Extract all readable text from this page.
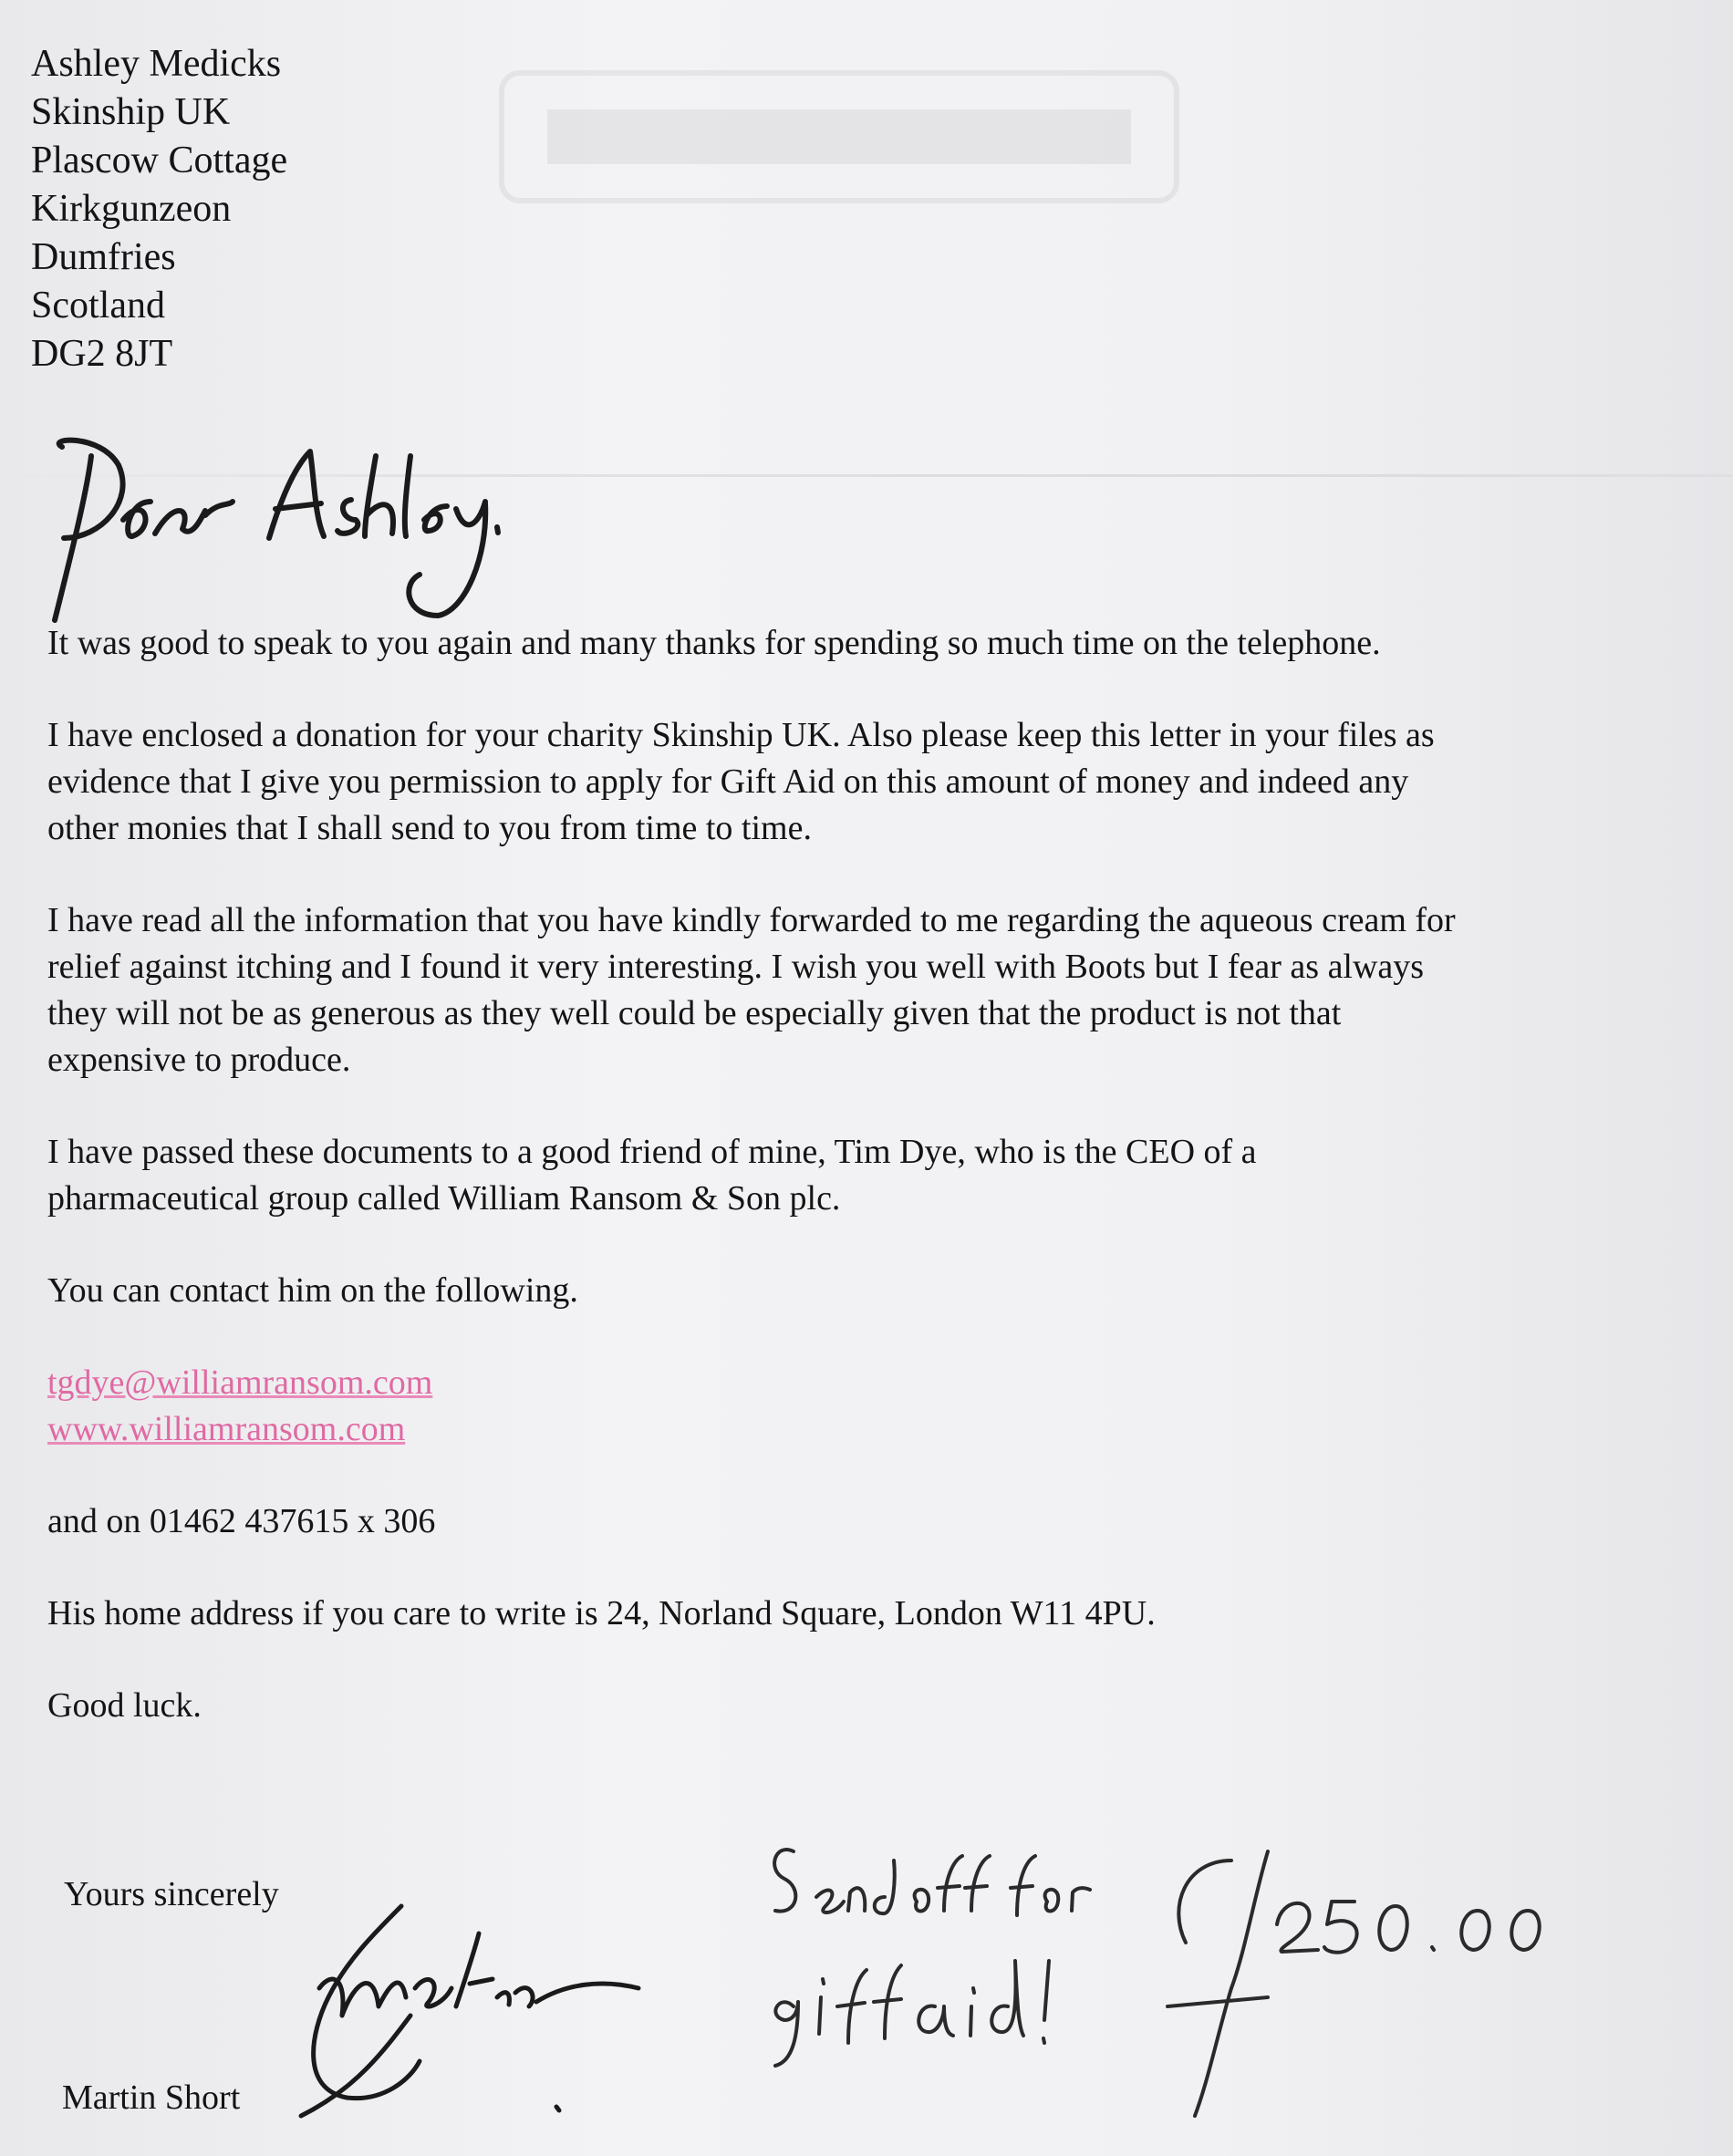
Ashley Medicks
Skinship UK
Plascow Cottage
Kirkgunzeon
Dumfries
Scotland
DG2 8JT

It was good to speak to you again and many thanks for spending so much time on the telephone.

I have enclosed a donation for your charity Skinship UK. Also please keep this letter in your files as evidence that I give you permission to apply for Gift Aid on this amount of money and indeed any other monies that I shall send to you from time to time.

I have read all the information that you have kindly forwarded to me regarding the aqueous cream for relief against itching and I found it very interesting. I wish you well with Boots but I fear as always they will not be as generous as they well could be especially given that the product is not that expensive to produce.

I have passed these documents to a good friend of mine, Tim Dye, who is the CEO of a pharmaceutical group called William Ransom & Son plc.

You can contact him on the following.

tgdye@williamransom.com
www.williamransom.com

and on 01462 437615 x 306

His home address if you care to write is 24, Norland Square, London W11 4PU.

Good luck.

Yours sincerely
Martin Short
